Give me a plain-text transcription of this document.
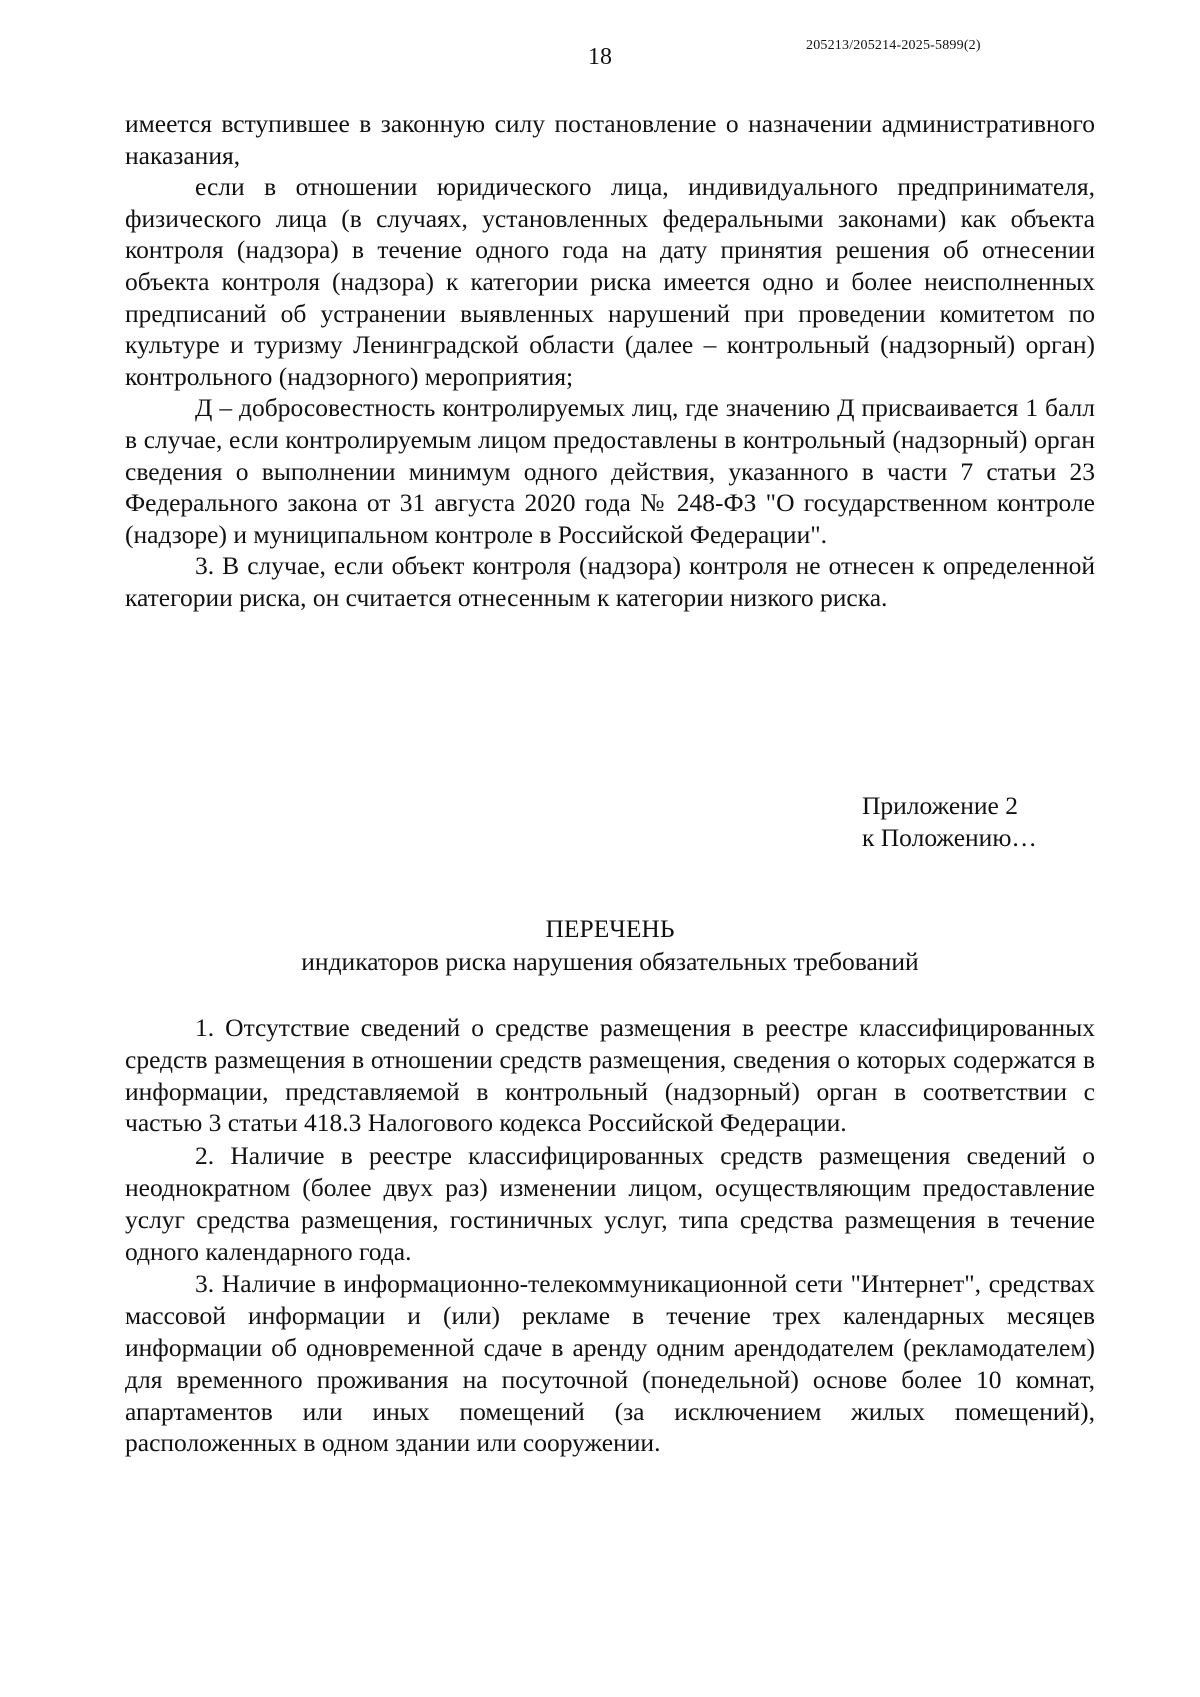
18	205213/205214-2025-5899(2)

имеется вступившее в законную силу постановление о назначении административного наказания,

если в отношении юридического лица, индивидуального предпринимателя, физического лица (в случаях, установленных федеральными законами) как объекта контроля (надзора) в течение одного года на дату принятия решения об отнесении объекта контроля (надзора) к категории риска имеется одно и более неисполненных предписаний об устранении выявленных нарушений при проведении комитетом по культуре и туризму Ленинградской области (далее – контрольный (надзорный) орган) контрольного (надзорного) мероприятия;

Д – добросовестность контролируемых лиц, где значению Д присваивается 1 балл в случае, если контролируемым лицом предоставлены в контрольный (надзорный) орган сведения о выполнении минимум одного действия, указанного в части 7 статьи 23 Федерального закона от 31 августа 2020 года № 248-ФЗ "О государственном контроле (надзоре) и муниципальном контроле в Российской Федерации".

3. В случае, если объект контроля (надзора) контроля не отнесен к определенной категории риска, он считается отнесенным к категории низкого риска.

Приложение 2
к Положению…
ПЕРЕЧЕНЬ
индикаторов риска нарушения обязательных требований

1. Отсутствие сведений о средстве размещения в реестре классифицированных средств размещения в отношении средств размещения, сведения о которых содержатся в информации, представляемой в контрольный (надзорный) орган в соответствии с частью 3 статьи 418.3 Налогового кодекса Российской Федерации.

2. Наличие в реестре классифицированных средств размещения сведений о неоднократном (более двух раз) изменении лицом, осуществляющим предоставление услуг средства размещения, гостиничных услуг, типа средства размещения в течение одного календарного года.

3. Наличие в информационно-телекоммуникационной сети "Интернет", средствах массовой информации и (или) рекламе в течение трех календарных месяцев информации об одновременной сдаче в аренду одним арендодателем (рекламодателем) для временного проживания на посуточной (понедельной) основе более 10 комнат, апартаментов или иных помещений (за исключением жилых помещений), расположенных в одном здании или сооружении.
